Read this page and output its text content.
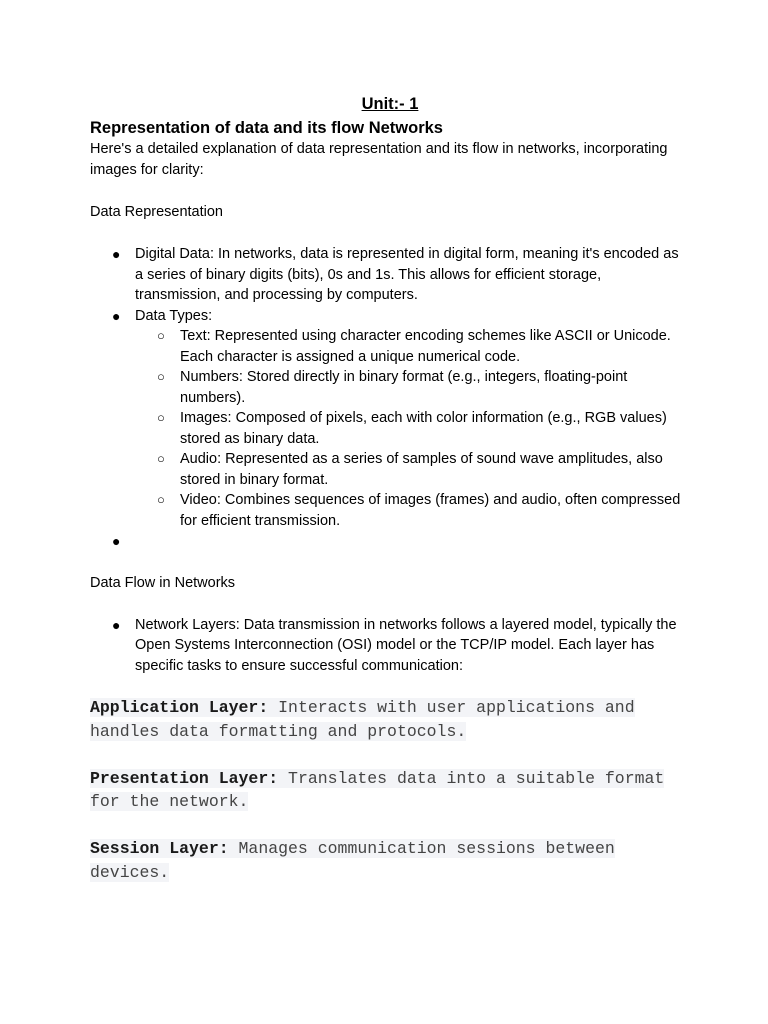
Unit:- 1
Representation of data and its flow Networks

Here's a detailed explanation of data representation and its flow in networks, incorporating images for clarity:

Data Representation

● Digital Data: In networks, data is represented in digital form, meaning it's encoded as a series of binary digits (bits), 0s and 1s. This allows for efficient storage, transmission, and processing by computers.
● Data Types:
○ Text: Represented using character encoding schemes like ASCII or Unicode. Each character is assigned a unique numerical code.
○ Numbers: Stored directly in binary format (e.g., integers, floating-point numbers).
○ Images: Composed of pixels, each with color information (e.g., RGB values) stored as binary data.
○ Audio: Represented as a series of samples of sound wave amplitudes, also stored in binary format.
○ Video: Combines sequences of images (frames) and audio, often compressed for efficient transmission.
●

Data Flow in Networks

● Network Layers: Data transmission in networks follows a layered model, typically the Open Systems Interconnection (OSI) model or the TCP/IP model. Each layer has specific tasks to ensure successful communication:

Application Layer: Interacts with user applications and handles data formatting and protocols.

Presentation Layer: Translates data into a suitable format for the network.

Session Layer: Manages communication sessions between devices.
